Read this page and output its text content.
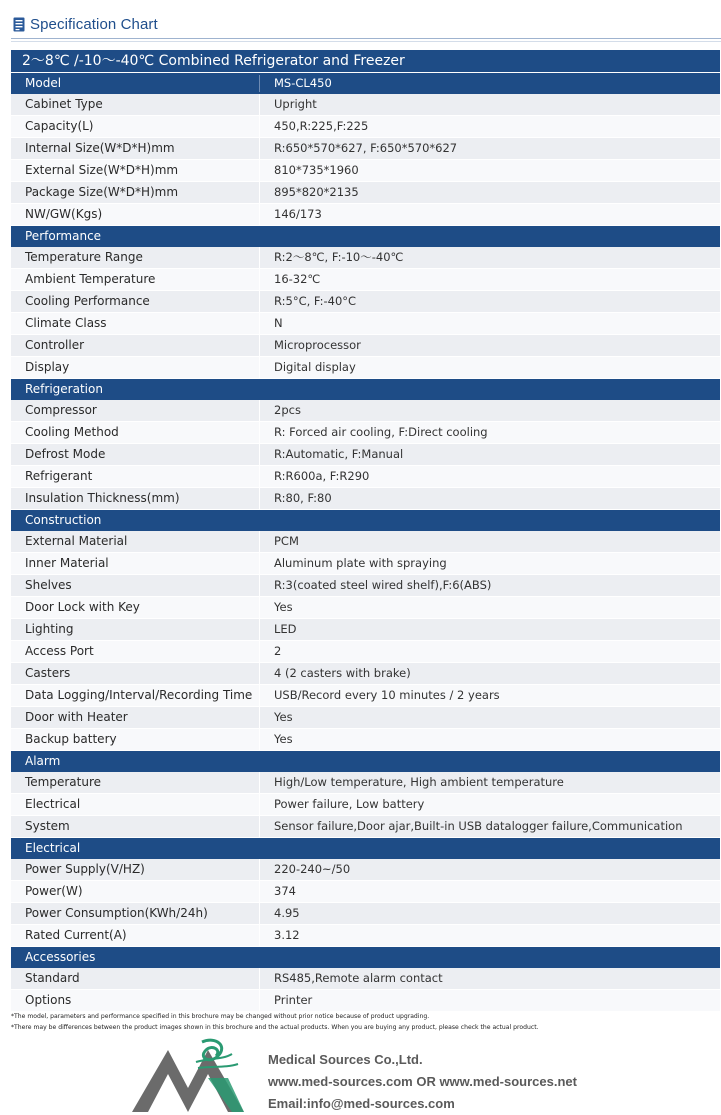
Specification Chart
2～8℃ /-10～-40℃ Combined Refrigerator and Freezer
Model	MS-CL450
Cabinet Type	Upright
Capacity(L)	450,R:225,F:225
Internal Size(W*D*H)mm	R:650*570*627, F:650*570*627
External Size(W*D*H)mm	810*735*1960
Package Size(W*D*H)mm	895*820*2135
NW/GW(Kgs)	146/173
Performance
Temperature Range	R:2～8℃, F:-10～-40℃
Ambient Temperature	16-32℃
Cooling Performance	R:5°C, F:-40°C
Climate Class	N
Controller	Microprocessor
Display	Digital display
Refrigeration
Compressor	2pcs
Cooling Method	R: Forced air cooling, F:Direct cooling
Defrost Mode	R:Automatic, F:Manual
Refrigerant	R:R600a, F:R290
Insulation Thickness(mm)	R:80, F:80
Construction
External Material	PCM
Inner Material	Aluminum plate with spraying
Shelves	R:3(coated steel wired shelf),F:6(ABS)
Door Lock with Key	Yes
Lighting	LED
Access Port	2
Casters	4 (2 casters with brake)
Data Logging/Interval/Recording Time USB/Record every 10 minutes / 2 years
Door with Heater	Yes
Backup battery	Yes
Alarm
Temperature	High/Low temperature, High ambient temperature
Electrical	Power failure, Low battery
System	Sensor failure,Door ajar,Built-in USB datalogger failure,Communication
Electrical
Power Supply(V/HZ)	220-240~/50
Power(W)	374
Power Consumption(KWh/24h)	4.95
Rated Current(A)	3.12
Accessories
Standard	RS485,Remote alarm contact
Options	Printer
*The model, parameters and performance specified in this brochure may be changed without prior notice because of product upgrading.
*There may be differences between the product images shown in this brochure and the actual products. When you are buying any product, please check the actual product.
Medical Sources Co.,Ltd.
www.med-sources.com OR www.med-sources.net
Email:info@med-sources.com
